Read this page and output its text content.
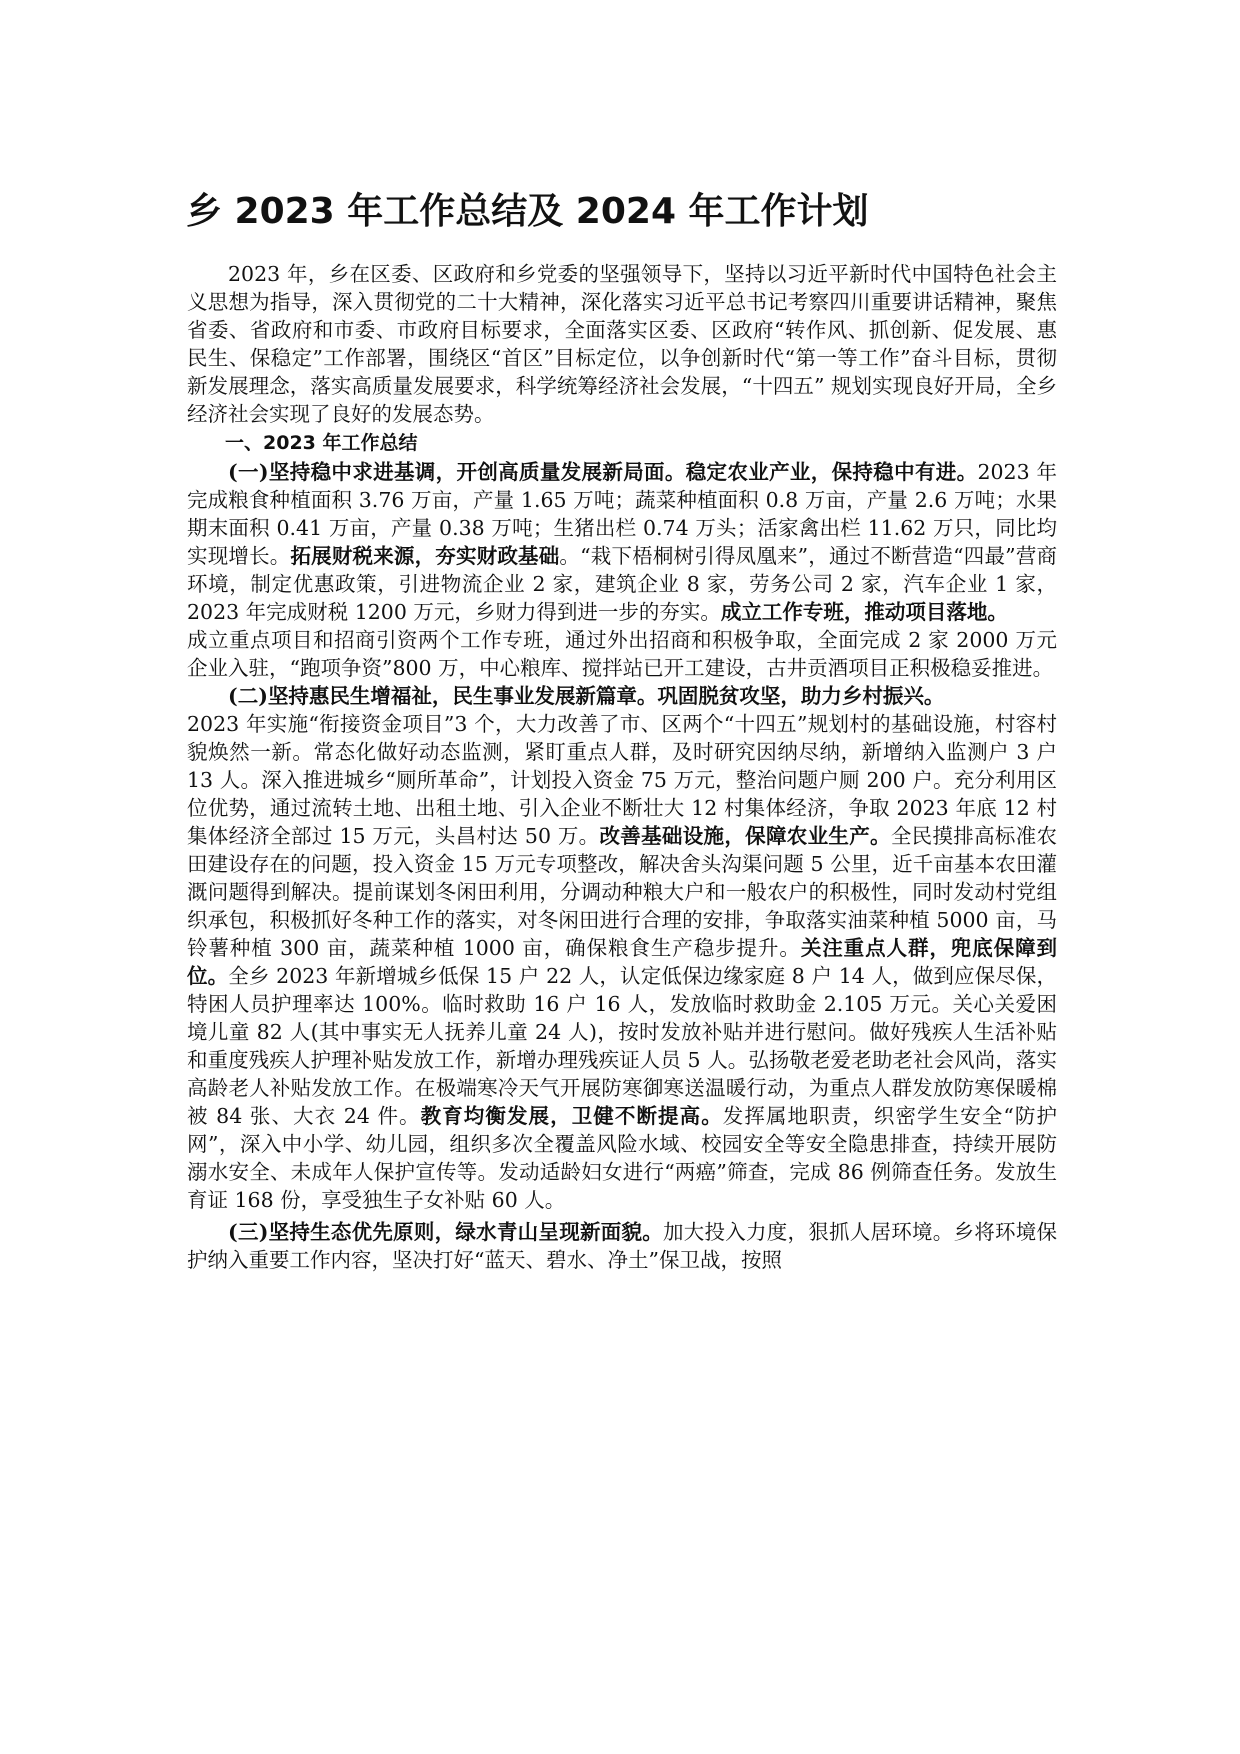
乡 2023 年工作总结及 2024 年工作计划

2023 年，乡在区委、区政府和乡党委的坚强领导下，坚持以习近平新时代中国特色社会主义思想为指导，深入贯彻党的二十大精神，深化落实习近平总书记考察四川重要讲话精神，聚焦省委、省政府和市委、市政府目标要求，全面落实区委、区政府“转作风、抓创新、促发展、惠民生、保稳定”工作部署，围绕区“首区”目标定位，以争创新时代“第一等工作”奋斗目标，贯彻新发展理念，落实高质量发展要求，科学统筹经济社会发展，“十四五” 规划实现良好开局，全乡经济社会实现了良好的发展态势。

一、2023 年工作总结

(一)坚持稳中求进基调，开创高质量发展新局面。稳定农业产业，保持稳中有进。2023 年完成粮食种植面积 3.76 万亩，产量 1.65 万吨；蔬菜种植面积 0.8 万亩，产量 2.6 万吨；水果期末面积 0.41 万亩，产量 0.38 万吨；生猪出栏 0.74 万头；活家禽出栏 11.62 万只，同比均实现增长。拓展财税来源，夯实财政基础。“栽下梧桐树引得凤凰来”，通过不断营造“四最”营商环境，制定优惠政策，引进物流企业 2 家，建筑企业 8 家，劳务公司 2 家，汽车企业 1 家，2023 年完成财税 1200 万元，乡财力得到进一步的夯实。成立工作专班，推动项目落地。

成立重点项目和招商引资两个工作专班，通过外出招商和积极争取，全面完成 2 家 2000 万元企业入驻，“跑项争资”800 万，中心粮库、搅拌站已开工建设，古井贡酒项目正积极稳妥推进。

(二)坚持惠民生增福祉，民生事业发展新篇章。巩固脱贫攻坚，助力乡村振兴。

2023 年实施“衔接资金项目”3 个，大力改善了市、区两个“十四五”规划村的基础设施，村容村貌焕然一新。常态化做好动态监测，紧盯重点人群，及时研究因纳尽纳，新增纳入监测户 3 户 13 人。深入推进城乡“厕所革命”，计划投入资金 75 万元，整治问题户厕 200 户。充分利用区位优势，通过流转土地、出租土地、引入企业不断壮大 12 村集体经济，争取 2023 年底 12 村集体经济全部过 15 万元，头昌村达 50 万。改善基础设施，保障农业生产。全民摸排高标准农田建设存在的问题，投入资金 15 万元专项整改，解决舍头沟渠问题 5 公里，近千亩基本农田灌溉问题得到解决。提前谋划冬闲田利用，分调动种粮大户和一般农户的积极性，同时发动村党组织承包，积极抓好冬种工作的落实，对冬闲田进行合理的安排，争取落实油菜种植 5000 亩，马铃薯种植 300 亩，蔬菜种植 1000 亩，确保粮食生产稳步提升。关注重点人群，兜底保障到位。全乡 2023 年新增城乡低保 15 户 22 人，认定低保边缘家庭 8 户 14 人，做到应保尽保，特困人员护理率达 100%。临时救助 16 户 16 人，发放临时救助金 2.105 万元。关心关爱困境儿童 82 人(其中事实无人抚养儿童 24 人)，按时发放补贴并进行慰问。做好残疾人生活补贴和重度残疾人护理补贴发放工作，新增办理残疾证人员 5 人。弘扬敬老爱老助老社会风尚，落实高龄老人补贴发放工作。在极端寒冷天气开展防寒御寒送温暖行动，为重点人群发放防寒保暖棉被 84 张、大衣 24 件。教育均衡发展，卫健不断提高。发挥属地职责，织密学生安全“防护网”，深入中小学、幼儿园，组织多次全覆盖风险水域、校园安全等安全隐患排查，持续开展防溺水安全、未成年人保护宣传等。发动适龄妇女进行“两癌”筛查，完成 86 例筛查任务。发放生育证 168 份，享受独生子女补贴 60 人。

(三)坚持生态优先原则，绿水青山呈现新面貌。加大投入力度，狠抓人居环境。乡将环境保护纳入重要工作内容，坚决打好“蓝天、碧水、净土”保卫战，按照
